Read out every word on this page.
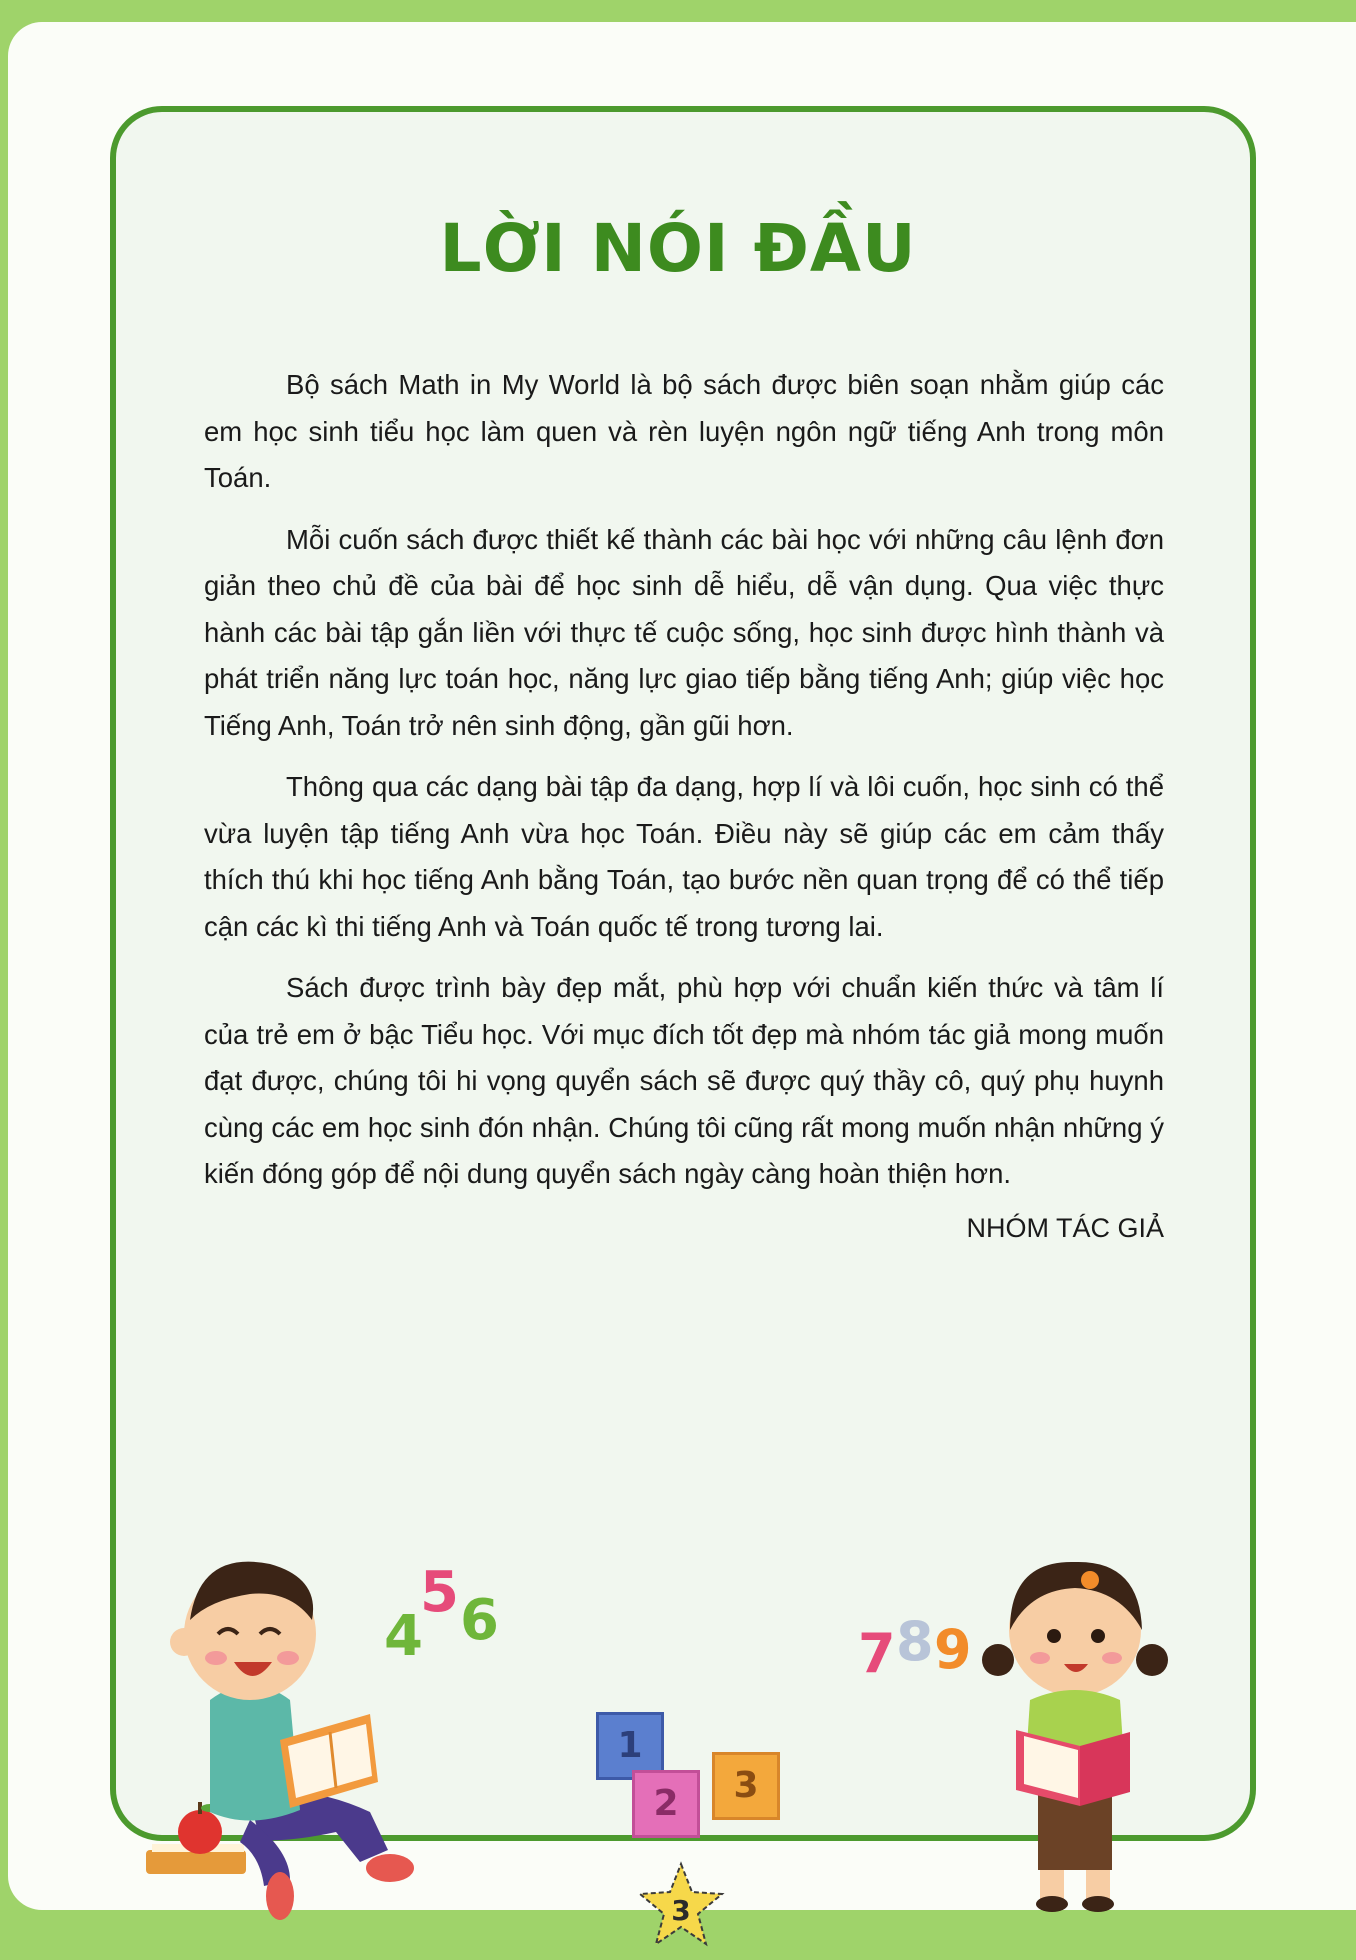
LỜI NÓI ĐẦU

Bộ sách Math in My World là bộ sách được biên soạn nhằm giúp các em học sinh tiểu học làm quen và rèn luyện ngôn ngữ tiếng Anh trong môn Toán.

Mỗi cuốn sách được thiết kế thành các bài học với những câu lệnh đơn giản theo chủ đề của bài để học sinh dễ hiểu, dễ vận dụng. Qua việc thực hành các bài tập gắn liền với thực tế cuộc sống, học sinh được hình thành và phát triển năng lực toán học, năng lực giao tiếp bằng tiếng Anh; giúp việc học Tiếng Anh, Toán trở nên sinh động, gần gũi hơn.

Thông qua các dạng bài tập đa dạng, hợp lí và lôi cuốn, học sinh có thể vừa luyện tập tiếng Anh vừa học Toán. Điều này sẽ giúp các em cảm thấy thích thú khi học tiếng Anh bằng Toán, tạo bước nền quan trọng để có thể tiếp cận các kì thi tiếng Anh và Toán quốc tế trong tương lai.

Sách được trình bày đẹp mắt, phù hợp với chuẩn kiến thức và tâm lí của trẻ em ở bậc Tiểu học. Với mục đích tốt đẹp mà nhóm tác giả mong muốn đạt được, chúng tôi hi vọng quyển sách sẽ được quý thầy cô, quý phụ huynh cùng các em học sinh đón nhận. Chúng tôi cũng rất mong muốn nhận những ý kiến đóng góp để nội dung quyển sách ngày càng hoàn thiện hơn.

NHÓM TÁC GIẢ
4
5 6
7 8 9
1
2	3
3
